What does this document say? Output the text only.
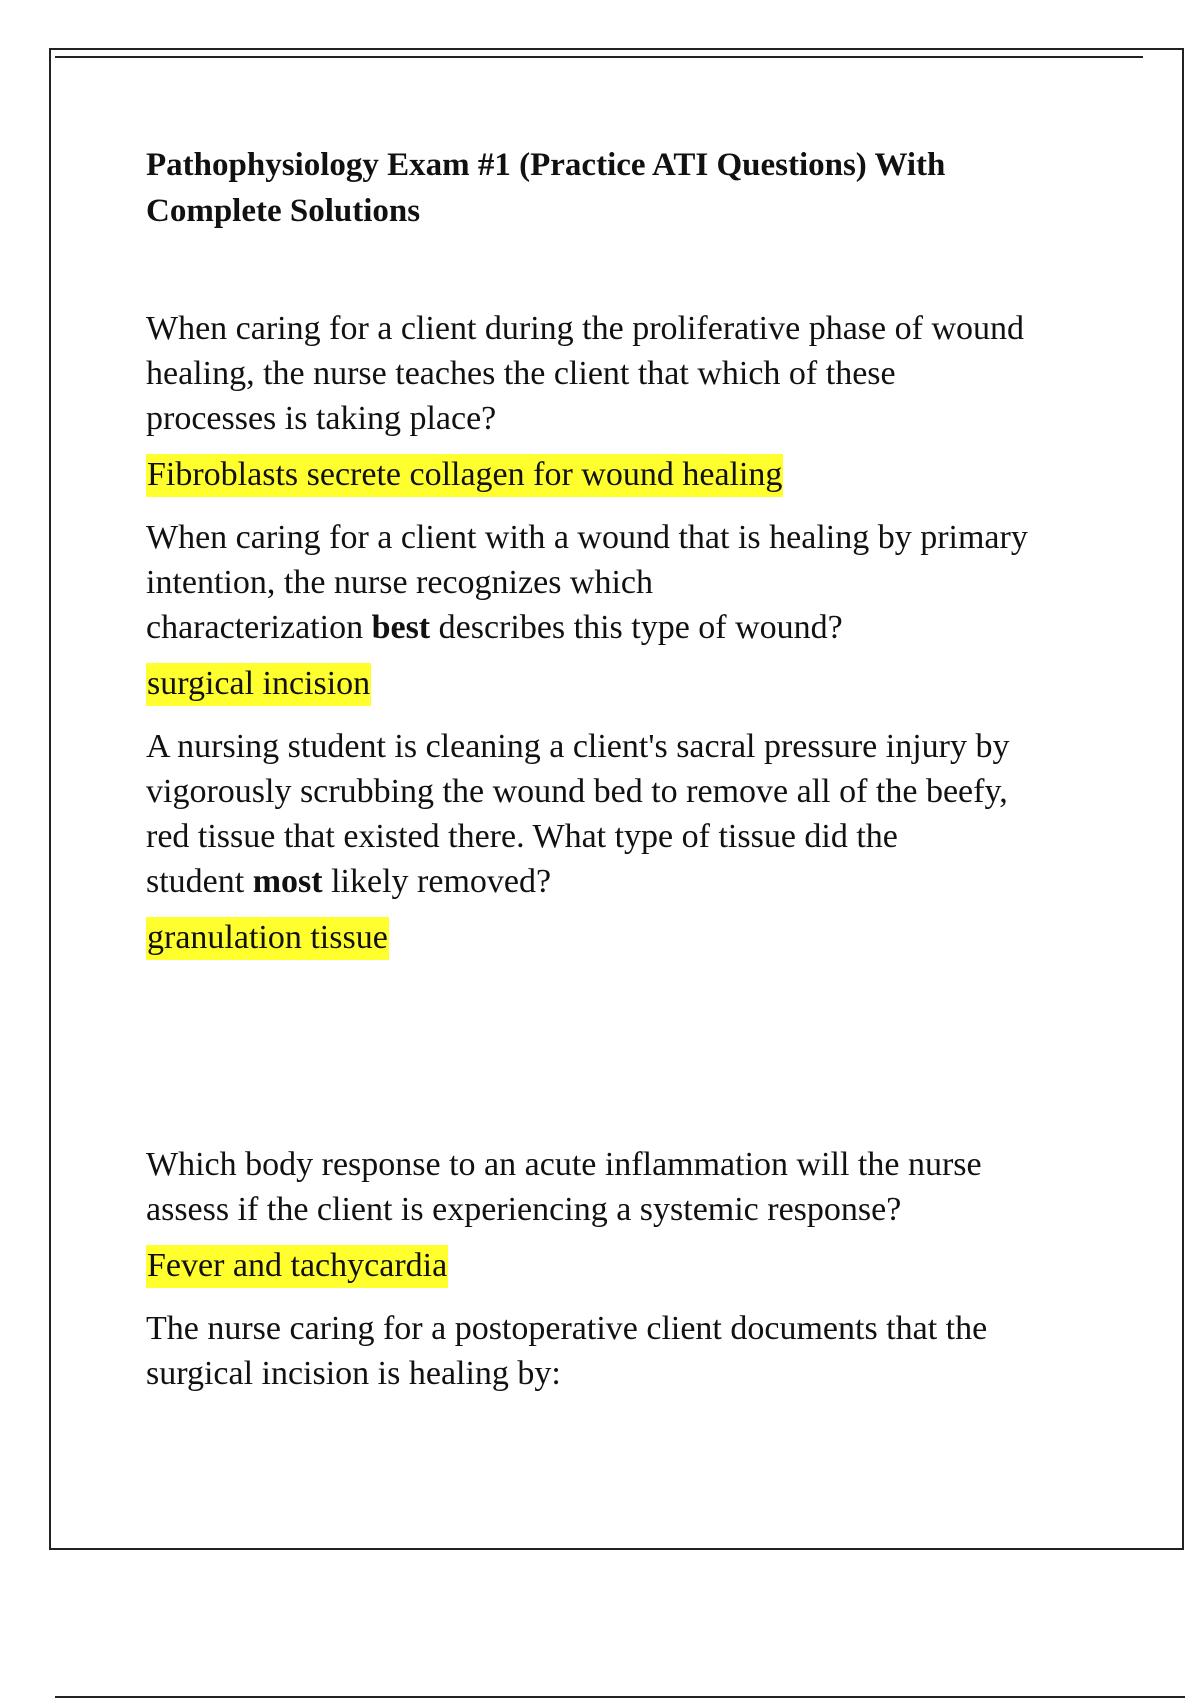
Pathophysiology Exam #1 (Practice ATI Questions) With
Complete Solutions

When caring for a client during the proliferative phase of wound
healing, the nurse teaches the client that which of these
processes is taking place?

Fibroblasts secrete collagen for wound healing

When caring for a client with a wound that is healing by primary
intention, the nurse recognizes which
characterization best describes this type of wound?

surgical incision

A nursing student is cleaning a client's sacral pressure injury by
vigorously scrubbing the wound bed to remove all of the beefy,
red tissue that existed there. What type of tissue did the
student most likely removed?

granulation tissue

Which body response to an acute inflammation will the nurse
assess if the client is experiencing a systemic response?

Fever and tachycardia

The nurse caring for a postoperative client documents that the
surgical incision is healing by:
